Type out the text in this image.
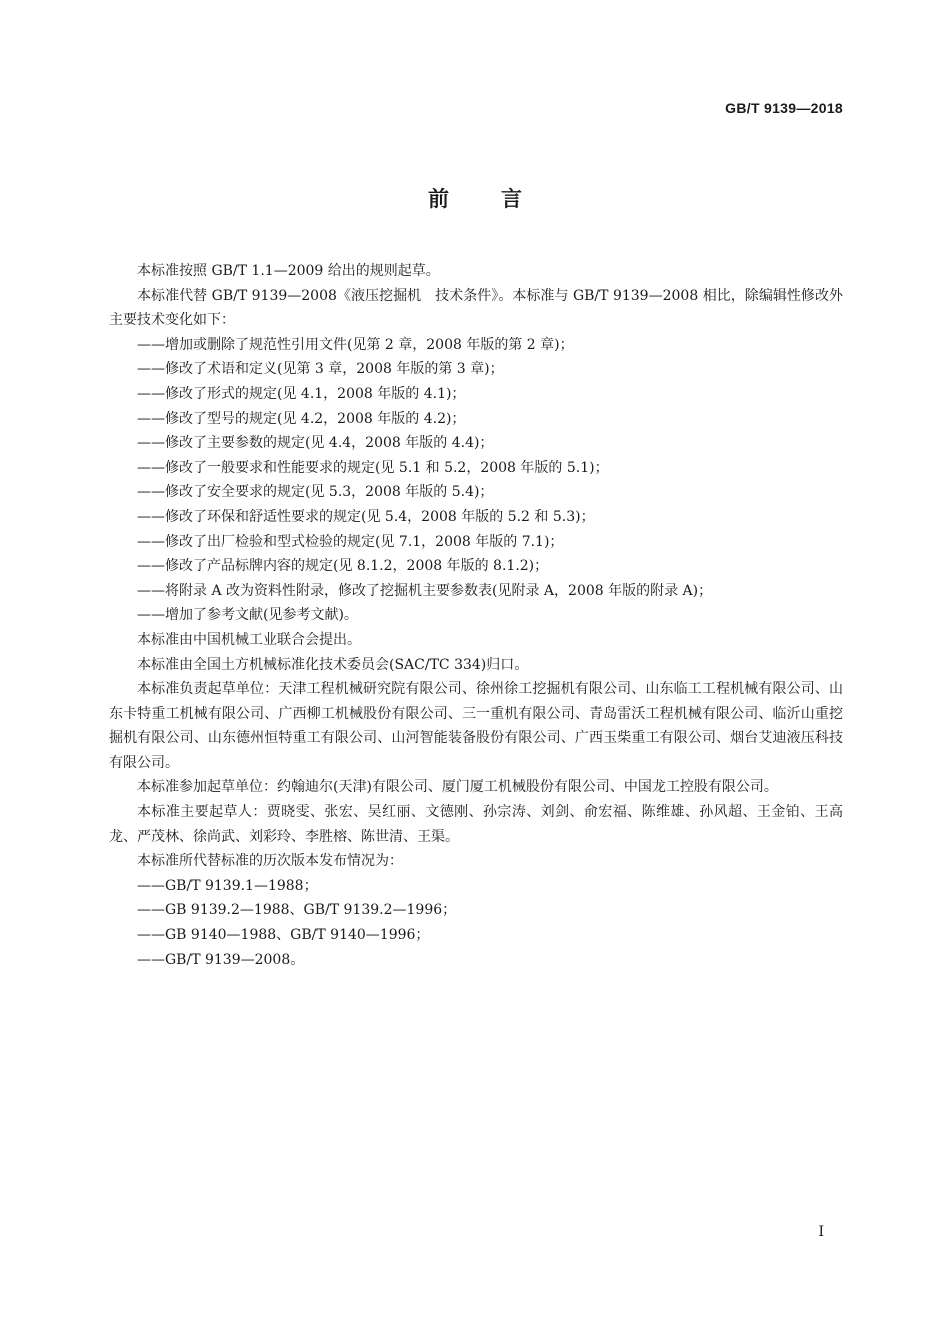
GB/T 9139—2018
前言

本标准按照 GB/T 1.1—2009 给出的规则起草。

本标准代替 GB/T 9139—2008《液压挖掘机　技术条件》。本标准与 GB/T 9139—2008 相比，除编辑性修改外主要技术变化如下：

——增加或删除了规范性引用文件(见第 2 章，2008 年版的第 2 章)；

——修改了术语和定义(见第 3 章，2008 年版的第 3 章)；

——修改了形式的规定(见 4.1，2008 年版的 4.1)；

——修改了型号的规定(见 4.2，2008 年版的 4.2)；

——修改了主要参数的规定(见 4.4，2008 年版的 4.4)；

——修改了一般要求和性能要求的规定(见 5.1 和 5.2，2008 年版的 5.1)；

——修改了安全要求的规定(见 5.3，2008 年版的 5.4)；

——修改了环保和舒适性要求的规定(见 5.4，2008 年版的 5.2 和 5.3)；

——修改了出厂检验和型式检验的规定(见 7.1，2008 年版的 7.1)；

——修改了产品标牌内容的规定(见 8.1.2，2008 年版的 8.1.2)；

——将附录 A 改为资料性附录，修改了挖掘机主要参数表(见附录 A，2008 年版的附录 A)；

——增加了参考文献(见参考文献)。

本标准由中国机械工业联合会提出。

本标准由全国土方机械标准化技术委员会(SAC/TC 334)归口。

本标准负责起草单位：天津工程机械研究院有限公司、徐州徐工挖掘机有限公司、山东临工工程机械有限公司、山东卡特重工机械有限公司、广西柳工机械股份有限公司、三一重机有限公司、青岛雷沃工程机械有限公司、临沂山重挖掘机有限公司、山东德州恒特重工有限公司、山河智能装备股份有限公司、广西玉柴重工有限公司、烟台艾迪液压科技有限公司。

本标准参加起草单位：约翰迪尔(天津)有限公司、厦门厦工机械股份有限公司、中国龙工控股有限公司。

本标准主要起草人：贾晓雯、张宏、吴红丽、文德刚、孙宗涛、刘剑、俞宏福、陈维雄、孙风超、王金铂、王高龙、严茂林、徐尚武、刘彩玲、李胜榕、陈世清、王渠。

本标准所代替标准的历次版本发布情况为：

——GB/T 9139.1—1988；

——GB 9139.2—1988、GB/T 9139.2—1996；

——GB 9140—1988、GB/T 9140—1996；

——GB/T 9139—2008。

I
